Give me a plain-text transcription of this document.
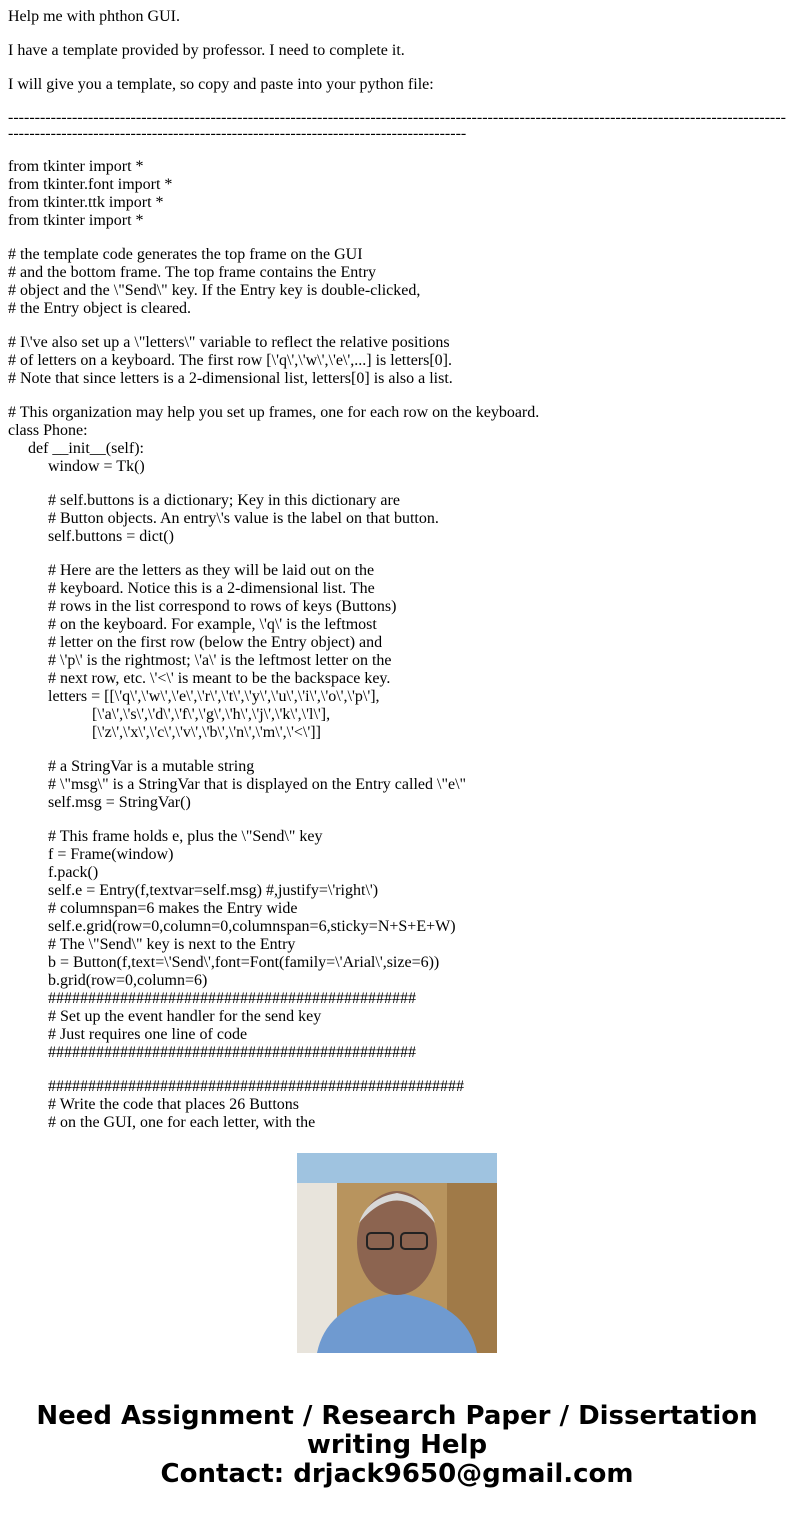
Help me with phthon GUI.
I have a template provided by professor. I need to complete it.
I will give you a template, so copy and paste into your python file:
----------------------------------------------------------------------------------------------------------------------------------------------------------------------------------------------------------------------------------------
from tkinter import *
from tkinter.font import *
from tkinter.ttk import *
from tkinter import *
# the template code generates the top frame on the GUI
# and the bottom frame. The top frame contains the Entry
# object and the \"Send\" key. If the Entry key is double-clicked,
# the Entry object is cleared.
# I\'ve also set up a \"letters\" variable to reflect the relative positions
# of letters on a keyboard. The first row [\'q\',\'w\',\'e\',...] is letters[0].
# Note that since letters is a 2-dimensional list, letters[0] is also a list.
# This organization may help you set up frames, one for each row on the keyboard.
class Phone:
def __init__(self):
window = Tk()
# self.buttons is a dictionary; Key in this dictionary are
# Button objects. An entry\'s value is the label on that button.
self.buttons = dict()
# Here are the letters as they will be laid out on the
# keyboard. Notice this is a 2-dimensional list. The
# rows in the list correspond to rows of keys (Buttons)
# on the keyboard. For example, \'q\' is the leftmost
# letter on the first row (below the Entry object) and
# \'p\' is the rightmost; \'a\' is the leftmost letter on the
# next row, etc. \'<\' is meant to be the backspace key.
letters = [[\'q\',\'w\',\'e\',\'r\',\'t\',\'y\',\'u\',\'i\',\'o\',\'p\'],
[\'a\',\'s\',\'d\',\'f\',\'g\',\'h\',\'j\',\'k\',\'l\'],
[\'z\',\'x\',\'c\',\'v\',\'b\',\'n\',\'m\',\'<\']]
# a StringVar is a mutable string
# \"msg\" is a StringVar that is displayed on the Entry called \"e\"
self.msg = StringVar()
# This frame holds e, plus the \"Send\" key
f = Frame(window)
f.pack()
self.e = Entry(f,textvar=self.msg) #,justify=\'right\')
# columnspan=6 makes the Entry wide
self.e.grid(row=0,column=0,columnspan=6,sticky=N+S+E+W)
# The \"Send\" key is next to the Entry
b = Button(f,text=\'Send\',font=Font(family=\'Arial\',size=6))
b.grid(row=0,column=6)
##############################################
# Set up the event handler for the send key
# Just requires one line of code
##############################################
####################################################
# Write the code that places 26 Buttons
# on the GUI, one for each letter, with the
Need Assignment / Research Paper / Dissertation
writing Help
Contact: drjack9650@gmail.com
